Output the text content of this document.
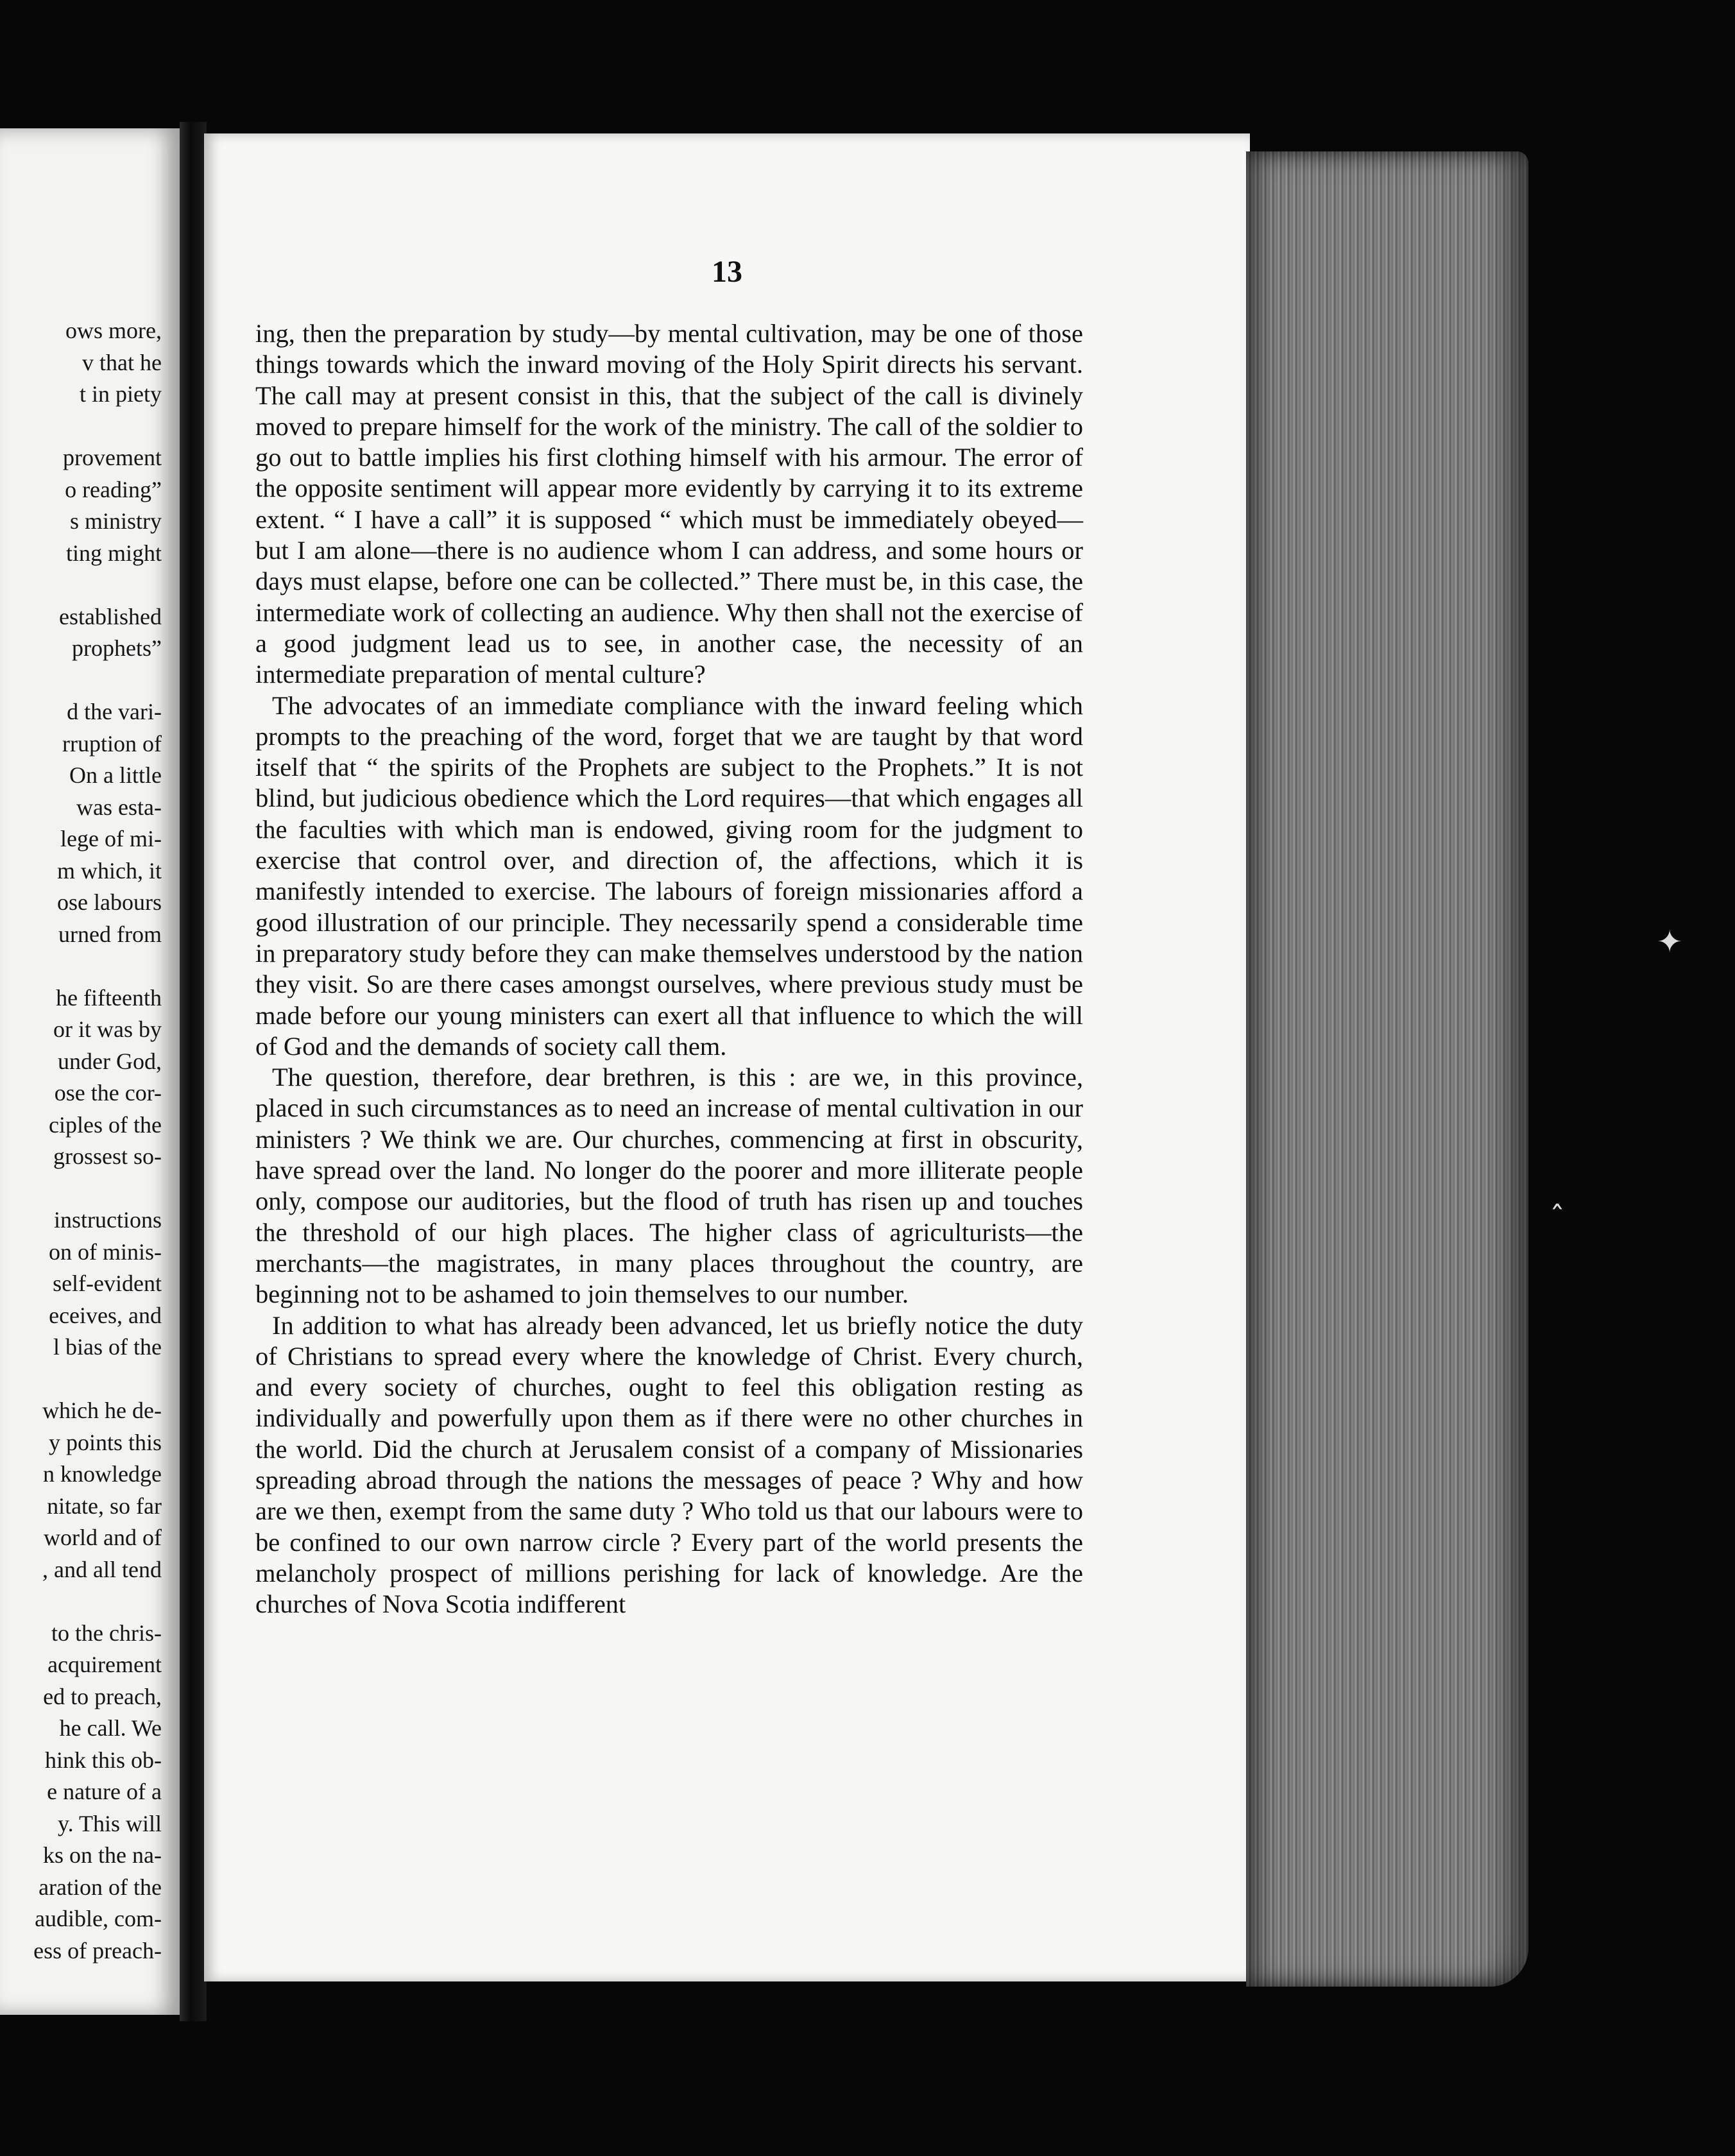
ows more,
v that he
t in piety
provement
o reading”
s ministry
ting might
established
prophets”
d the vari-
rruption of
On a little
was esta-
lege of mi-
m which, it
ose labours
urned from
he fifteenth
or it was by
under God,
ose the cor-
ciples of the
grossest so-
instructions
on of minis-
self-evident
eceives, and
l bias of the
which he de-
y points this
n knowledge
nitate, so far
world and of
, and all tend
to the chris-
acquirement
ed to preach,
he call. We
hink this ob-
e nature of a
y. This will
ks on the na-
aration of the
audible, com-
ess of preach-
13

ing, then the preparation by study—by mental cultivation, may be one of those things towards which the inward moving of the Holy Spirit directs his servant. The call may at present consist in this, that the subject of the call is divinely moved to prepare himself for the work of the ministry. The call of the soldier to go out to battle implies his first clothing himself with his armour. The error of the opposite sentiment will appear more evidently by carrying it to its extreme extent. “ I have a call” it is supposed “ which must be immediately obeyed—but I am alone—there is no audience whom I can address, and some hours or days must elapse, before one can be collected.” There must be, in this case, the intermediate work of collecting an audience. Why then shall not the exercise of a good judgment lead us to see, in another case, the necessity of an intermediate preparation of mental culture?

The advocates of an immediate compliance with the inward feeling which prompts to the preaching of the word, forget that we are taught by that word itself that “ the spirits of the Prophets are subject to the Prophets.” It is not blind, but judicious obedience which the Lord requires—that which engages all the faculties with which man is endowed, giving room for the judgment to exercise that control over, and direction of, the affections, which it is manifestly intended to exercise. The labours of foreign missionaries afford a good illustration of our principle. They necessarily spend a considerable time in preparatory study before they can make themselves understood by the nation they visit. So are there cases amongst ourselves, where previous study must be made before our young ministers can exert all that influence to which the will of God and the demands of society call them.

The question, therefore, dear brethren, is this : are we, in this province, placed in such circumstances as to need an increase of mental cultivation in our ministers ? We think we are. Our churches, commencing at first in obscurity, have spread over the land. No longer do the poorer and more illiterate people only, compose our auditories, but the flood of truth has risen up and touches the threshold of our high places. The higher class of agriculturists—the merchants—the magistrates, in many places throughout the country, are beginning not to be ashamed to join themselves to our number.

In addition to what has already been advanced, let us briefly notice the duty of Christians to spread every where the knowledge of Christ. Every church, and every society of churches, ought to feel this obligation resting as individually and powerfully upon them as if there were no other churches in the world. Did the church at Jerusalem consist of a company of Missionaries spreading abroad through the nations the messages of peace ? Why and how are we then, exempt from the same duty ? Who told us that our labours were to be confined to our own narrow circle ? Every part of the world presents the melancholy prospect of millions perishing for lack of knowledge. Are the churches of Nova Scotia indifferent

✦
ˆ
